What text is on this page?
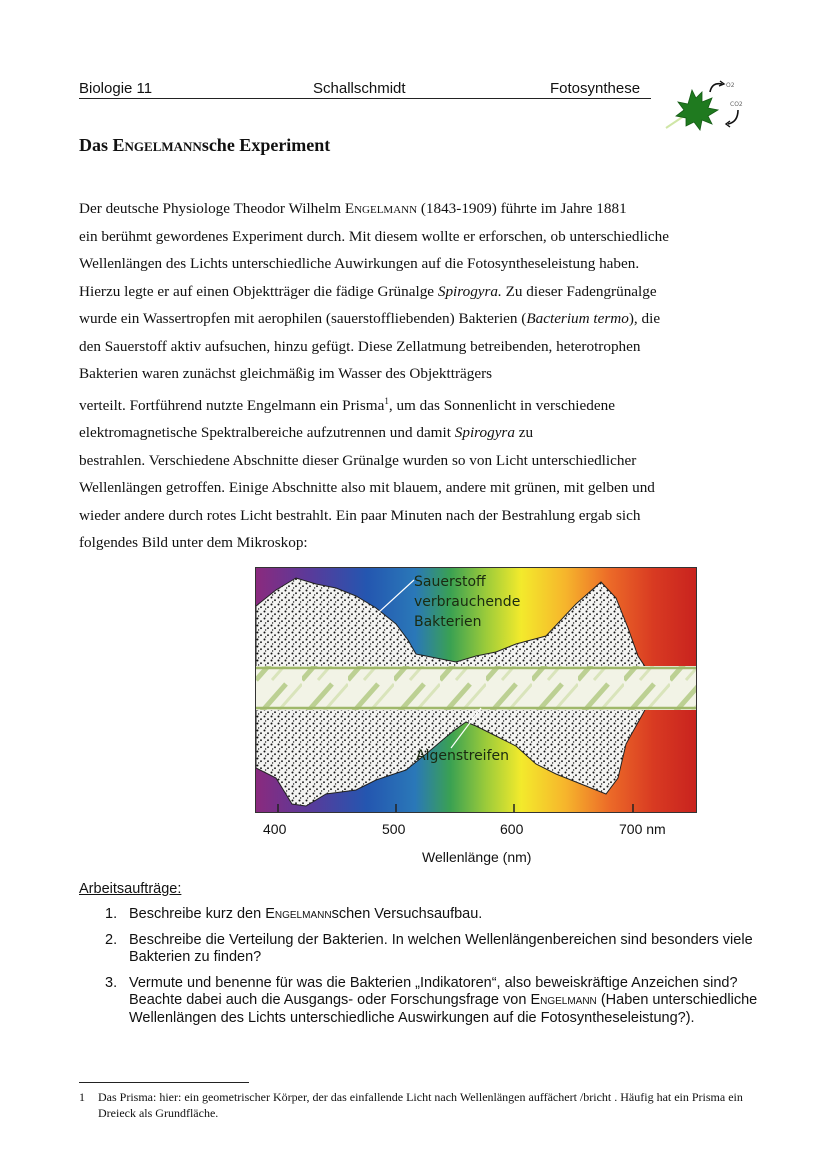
Biologie 11	Schallschmidt	Fotosynthese	O2
CO2
Das Engelmannsche Experiment

Der deutsche Physiologe Theodor Wilhelm Engelmann (1843-1909) führte im Jahre 1881

ein berühmt gewordenes Experiment durch. Mit diesem wollte er erforschen, ob unterschiedliche

Wellenlängen des Lichts unterschiedliche Auwirkungen auf die Fotosyntheseleistung haben.

Hierzu legte er auf einen Objektträger die fädige Grünalge Spirogyra. Zu dieser Fadengrünalge

wurde ein Wassertropfen mit aerophilen (sauerstoffliebenden) Bakterien (Bacterium termo), die

den Sauerstoff aktiv aufsuchen, hinzu gefügt. Diese Zellatmung betreibenden, heterotrophen

Bakterien waren zunächst gleichmäßig im Wasser des Objektträgers

verteilt. Fortführend nutzte Engelmann ein Prisma$^1$, um das Sonnenlicht in verschiedene

elektromagnetische Spektralbereiche aufzutrennen und damit Spirogyra zu

bestrahlen. Verschiedene Abschnitte dieser Grünalge wurden so von Licht unterschiedlicher

Wellenlängen getroffen. Einige Abschnitte also mit blauem, andere mit grünen, mit gelben und

wieder andere durch rotes Licht bestrahlt. Ein paar Minuten nach der Bestrahlung ergab sich

folgendes Bild unter dem Mikroskop:

Sauerstoff
verbrauchende
Bakterien
Algenstreifen
400	500	600	700 nm
Wellenlänge (nm)
Arbeitsaufträge:
1. Beschreibe kurz den Engelmannschen Versuchsaufbau.
2. Beschreibe die Verteilung der Bakterien. In welchen Wellenlängenbereichen sind besonders viele Bakterien zu finden?
3. Vermute und benenne für was die Bakterien „Indikatoren“, also beweiskräftige Anzeichen sind? Beachte dabei auch die Ausgangs- oder Forschungsfrage von Engelmann (Haben unterschiedliche Wellenlängen des Lichts unterschiedliche Auswirkungen auf die Fotosyntheseleistung?).
1	Das Prisma: hier: ein geometrischer Körper, der das einfallende Licht nach Wellenlängen auffächert /bricht . Häufig hat ein Prisma ein Dreieck als Grundfläche.
